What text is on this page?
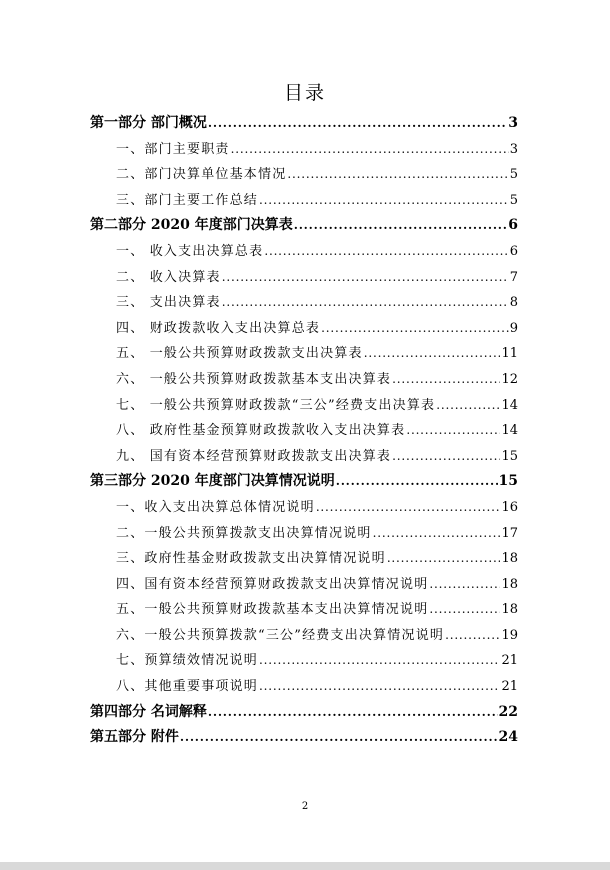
目录
第一部分 部门概况 .....	3
一、部门主要职责 .....	3
二、部门决算单位基本情况 .....	5
三、部门主要工作总结 .....	5
第二部分 2020 年度部门决算表 .....	6
一、 收入支出决算总表 .....	6
二、 收入决算表 .....	7
三、 支出决算表 .....	8
四、 财政拨款收入支出决算总表 .....	9
五、 一般公共预算财政拨款支出决算表 .....	11
六、 一般公共预算财政拨款基本支出决算表 .....	12
七、 一般公共预算财政拨款“三公”经费支出决算表 .....	14
八、 政府性基金预算财政拨款收入支出决算表 .....	14
九、 国有资本经营预算财政拨款支出决算表 .....	15
第三部分 2020 年度部门决算情况说明 .....	15
一、收入支出决算总体情况说明 .....	16
二、一般公共预算拨款支出决算情况说明 .....	17
三、政府性基金财政拨款支出决算情况说明 .....	18
四、国有资本经营预算财政拨款支出决算情况说明 .....	18
五、一般公共预算财政拨款基本支出决算情况说明 .....	18
六、一般公共预算拨款“三公”经费支出决算情况说明 .....	19
七、预算绩效情况说明 .....	21
八、其他重要事项说明 .....	21
第四部分 名词解释 .....	22
第五部分 附件 .....	24
2
